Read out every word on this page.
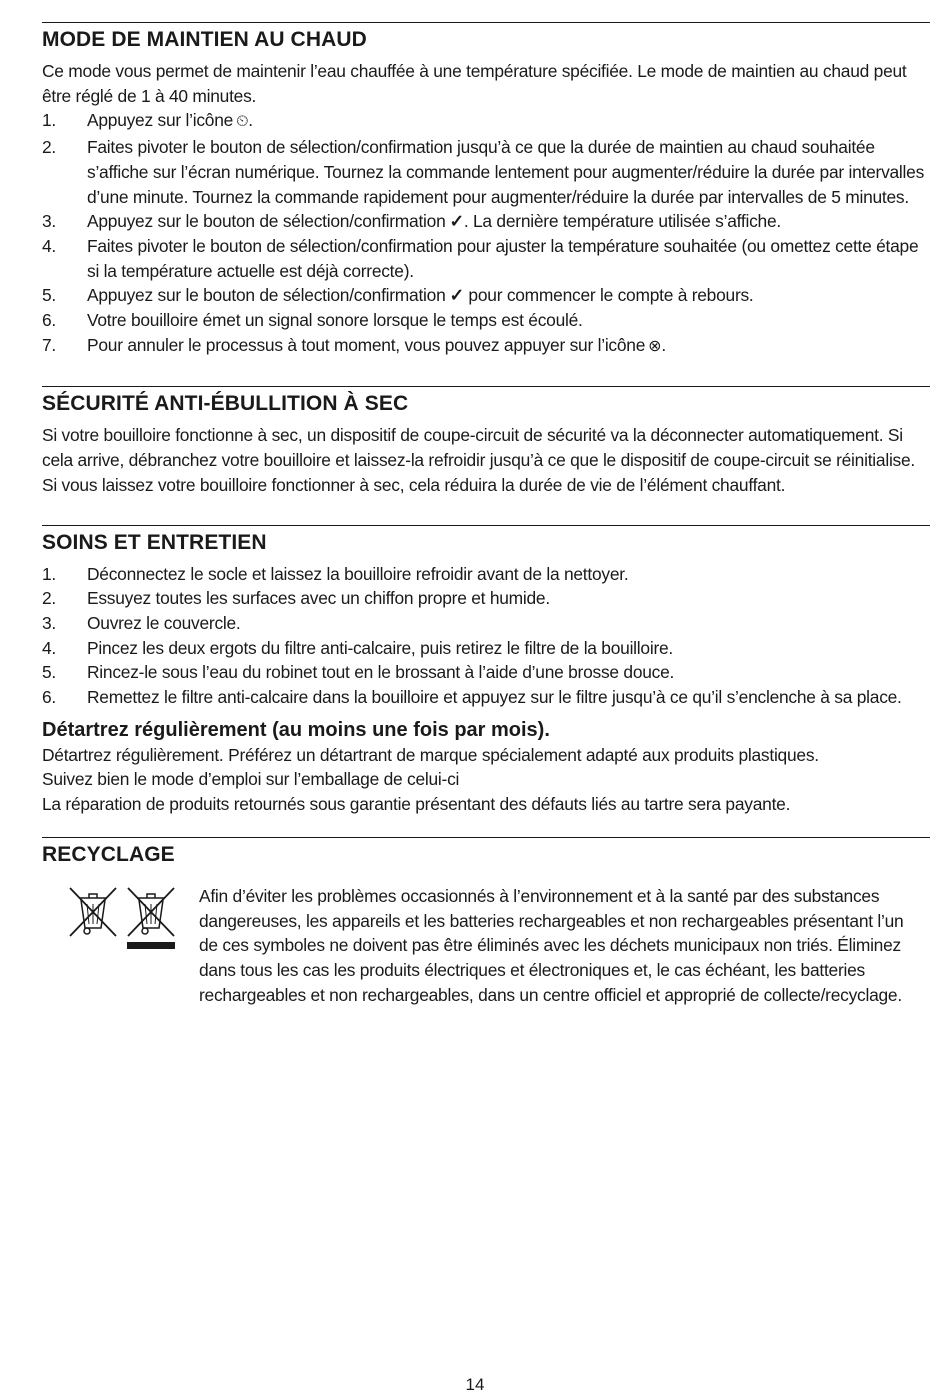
MODE DE MAINTIEN AU CHAUD

Ce mode vous permet de maintenir l’eau chauffée à une température spécifiée. Le mode de maintien au chaud peut être réglé de 1 à 40 minutes.

1. Appuyez sur l’icône ⏲.
2. Faites pivoter le bouton de sélection/confirmation jusqu’à ce que la durée de maintien au chaud souhaitée s’affiche sur l’écran numérique. Tournez la commande lentement pour augmenter/réduire la durée par intervalles d’une minute. Tournez la commande rapidement pour augmenter/réduire la durée par intervalles de 5 minutes.
3. Appuyez sur le bouton de sélection/confirmation ✓. La dernière température utilisée s’affiche.
4. Faites pivoter le bouton de sélection/confirmation pour ajuster la température souhaitée (ou omettez cette étape si la température actuelle est déjà correcte).
5. Appuyez sur le bouton de sélection/confirmation ✓ pour commencer le compte à rebours.
6. Votre bouilloire émet un signal sonore lorsque le temps est écoulé.
7. Pour annuler le processus à tout moment, vous pouvez appuyer sur l’icône ⊗.
SÉCURITÉ ANTI-ÉBULLITION À SEC

Si votre bouilloire fonctionne à sec, un dispositif de coupe-circuit de sécurité va la déconnecter automatiquement. Si cela arrive, débranchez votre bouilloire et laissez-la refroidir jusqu’à ce que le dispositif de coupe-circuit se réinitialise. Si vous laissez votre bouilloire fonctionner à sec, cela réduira la durée de vie de l’élément chauffant.

SOINS ET ENTRETIEN
1. Déconnectez le socle et laissez la bouilloire refroidir avant de la nettoyer.
2. Essuyez toutes les surfaces avec un chiffon propre et humide.
3. Ouvrez le couvercle.
4. Pincez les deux ergots du filtre anti-calcaire, puis retirez le filtre de la bouilloire.
5. Rincez-le sous l’eau du robinet tout en le brossant à l’aide d’une brosse douce.
6. Remettez le filtre anti-calcaire dans la bouilloire et appuyez sur le filtre jusqu’à ce qu’il s’enclenche à sa place.
Détartrez régulièrement (au moins une fois par mois).

Détartrez régulièrement. Préférez un détartrant de marque spécialement adapté aux produits plastiques.

Suivez bien le mode d’emploi sur l’emballage de celui-ci

La réparation de produits retournés sous garantie présentant des défauts liés au tartre sera payante.

RECYCLAGE

Afin d’éviter les problèmes occasionnés à l’environnement et à la santé par des substances dangereuses, les appareils et les batteries rechargeables et non rechargeables présentant l’un de ces symboles ne doivent pas être éliminés avec les déchets municipaux non triés. Éliminez dans tous les cas les produits électriques et électroniques et, le cas échéant, les batteries rechargeables et non rechargeables, dans un centre officiel et approprié de collecte/recyclage.

14
